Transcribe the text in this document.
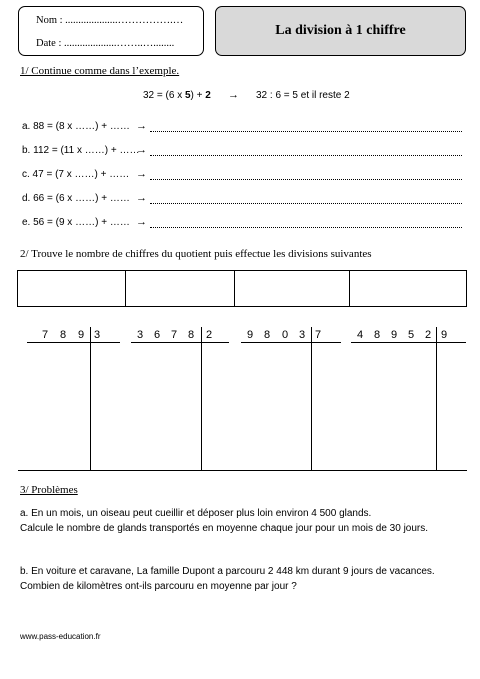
Nom : ....................…………….…
Date : ....................……..…........
La division à 1 chiffre
1/ Continue comme dans l’exemple.
32 = (6 x 5) + 2 → 32 : 6 = 5 et il reste 2
a. 88 = (8 x ……) + …… →
b. 112 = (11 x ……) + ……
→
c. 47 = (7 x ……) + …… →
d. 66 = (6 x ……) + …… →
e. 56 = (9 x ……) + …… →
2/ Trouve le nombre de chiffres du quotient puis effectue les divisions suivantes
7 8 9 3	3 6 7 8 2	9 8 0 3 7	4 8 9 5 2 9
3/ Problèmes
a. En un mois, un oiseau peut cueillir et déposer plus loin environ 4 500 glands.
Calcule le nombre de glands transportés en moyenne chaque jour pour un mois de 30 jours.
b. En voiture et caravane, La famille Dupont a parcouru 2 448 km durant 9 jours de vacances.
Combien de kilomètres ont-ils parcouru en moyenne par jour ?
www.pass-education.fr
